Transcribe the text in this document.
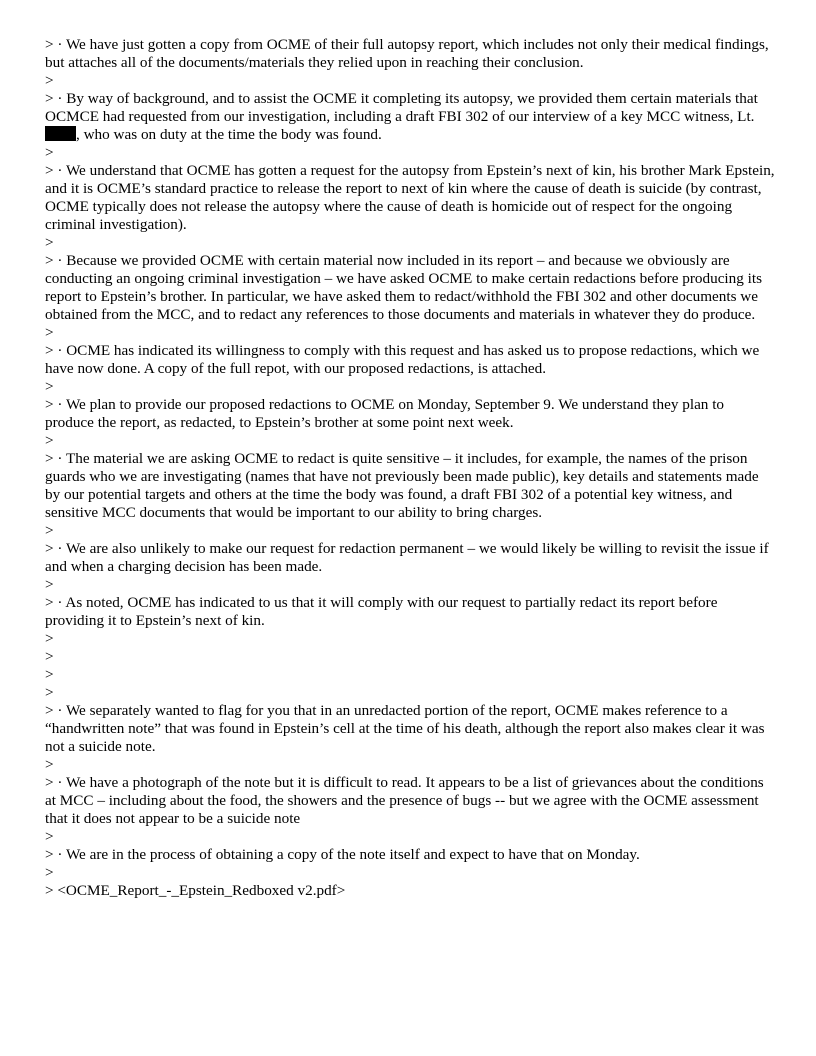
> · We have just gotten a copy from OCME of their full autopsy report, which includes not only their medical findings, but attaches all of the documents/materials they relied upon in reaching their conclusion.

>

> · By way of background, and to assist the OCME it completing its autopsy, we provided them certain materials that OCMCE had requested from our investigation, including a draft FBI 302 of our interview of a key MCC witness, Lt., who was on duty at the time the body was found.

>

> · We understand that OCME has gotten a request for the autopsy from Epstein’s next of kin, his brother Mark Epstein, and it is OCME’s standard practice to release the report to next of kin where the cause of death is suicide (by contrast, OCME typically does not release the autopsy where the cause of death is homicide out of respect for the ongoing criminal investigation).

>

> · Because we provided OCME with certain material now included in its report – and because we obviously are conducting an ongoing criminal investigation – we have asked OCME to make certain redactions before producing its report to Epstein’s brother. In particular, we have asked them to redact/withhold the FBI 302 and other documents we obtained from the MCC, and to redact any references to those documents and materials in whatever they do produce.

>

> · OCME has indicated its willingness to comply with this request and has asked us to propose redactions, which we have now done. A copy of the full repot, with our proposed redactions, is attached.

>

> · We plan to provide our proposed redactions to OCME on Monday, September 9. We understand they plan to produce the report, as redacted, to Epstein’s brother at some point next week.

>

> · The material we are asking OCME to redact is quite sensitive – it includes, for example, the names of the prison guards who we are investigating (names that have not previously been made public), key details and statements made by our potential targets and others at the time the body was found, a draft FBI 302 of a potential key witness, and sensitive MCC documents that would be important to our ability to bring charges.

>

> · We are also unlikely to make our request for redaction permanent – we would likely be willing to revisit the issue if and when a charging decision has been made.

>

> · As noted, OCME has indicated to us that it will comply with our request to partially redact its report before providing it to Epstein’s next of kin.

>

>

>

>

> · We separately wanted to flag for you that in an unredacted portion of the report, OCME makes reference to a “handwritten note” that was found in Epstein’s cell at the time of his death, although the report also makes clear it was not a suicide note.

>

> · We have a photograph of the note but it is difficult to read. It appears to be a list of grievances about the conditions at MCC – including about the food, the showers and the presence of bugs -- but we agree with the OCME assessment that it does not appear to be a suicide note

>

> · We are in the process of obtaining a copy of the note itself and expect to have that on Monday.

>

> <OCME_Report_-_Epstein_Redboxed v2.pdf>
